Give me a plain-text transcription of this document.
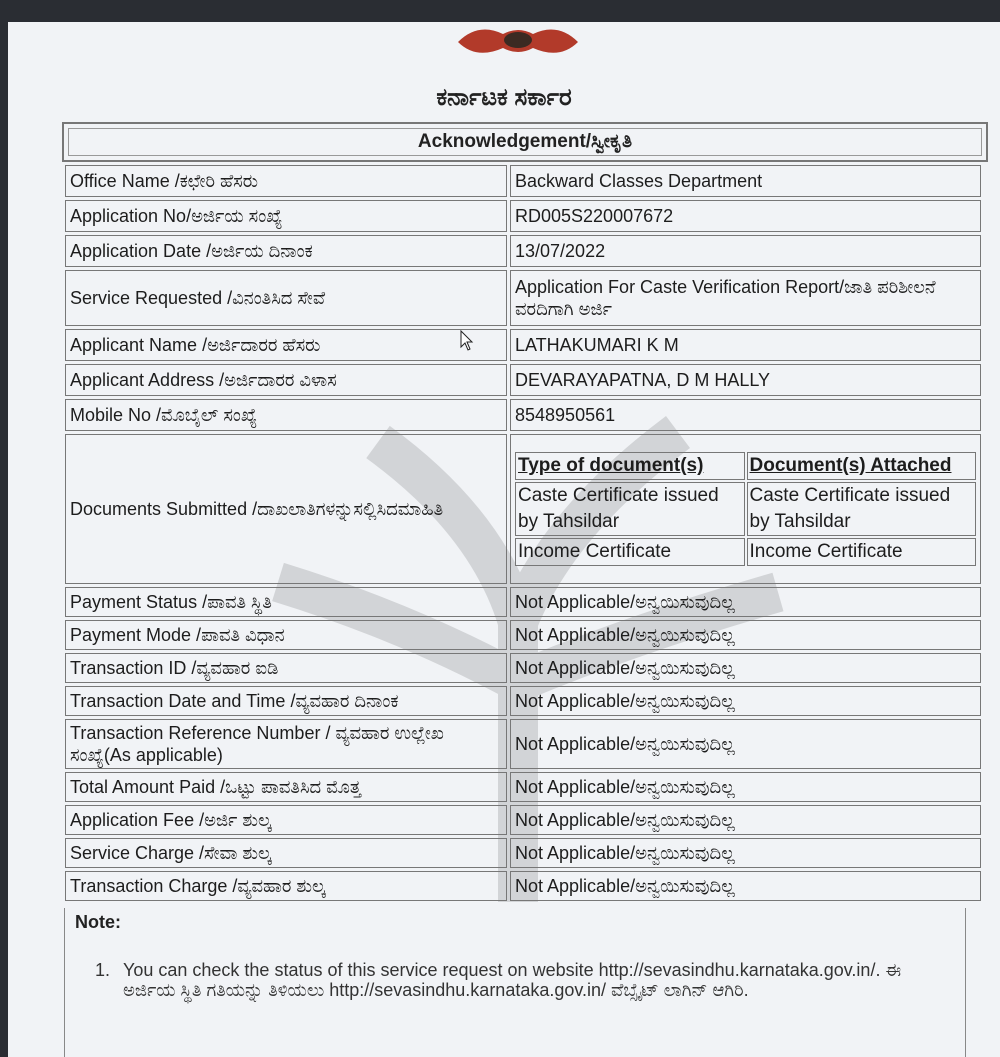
ಕರ್ನಾಟಕ ಸರ್ಕಾರ
Acknowledgement/ಸ್ವೀಕೃತಿ
Office Name /ಕಛೇರಿ ಹೆಸರು	Backward Classes Department
Application No/ಅರ್ಜಿಯ ಸಂಖ್ಯೆ	RD005S220007672
Application Date /ಅರ್ಜಿಯ ದಿನಾಂಕ	13/07/2022
Service Requested /ವಿನಂತಿಸಿದ ಸೇವೆ	Application For Caste Verification Report/ಜಾತಿ ಪರಿಶೀಲನೆ ವರದಿಗಾಗಿ ಅರ್ಜಿ
Applicant Name /ಅರ್ಜಿದಾರರ ಹೆಸರು	LATHAKUMARI K M
Applicant Address /ಅರ್ಜಿದಾರರ ವಿಳಾಸ	DEVARAYAPATNA, D M HALLY
Mobile No /ಮೊಬೈಲ್ ಸಂಖ್ಯೆ	8548950561
Documents Submitted /ದಾಖಲಾತಿಗಳನ್ನುಸಲ್ಲಿಸಿದಮಾಹಿತಿ	
Type of document(s)	Document(s) Attached
Caste Certificate issued by Tahsildar	Caste Certificate issued by Tahsildar
Income Certificate	Income Certificate

Payment Status /ಪಾವತಿ ಸ್ಥಿತಿ	Not Applicable/ಅನ್ವಯಿಸುವುದಿಲ್ಲ
Payment Mode /ಪಾವತಿ ವಿಧಾನ	Not Applicable/ಅನ್ವಯಿಸುವುದಿಲ್ಲ
Transaction ID /ವ್ಯವಹಾರ ಐಡಿ	Not Applicable/ಅನ್ವಯಿಸುವುದಿಲ್ಲ
Transaction Date and Time /ವ್ಯವಹಾರ ದಿನಾಂಕ	Not Applicable/ಅನ್ವಯಿಸುವುದಿಲ್ಲ
Transaction Reference Number / ವ್ಯವಹಾರ ಉಲ್ಲೇಖ ಸಂಖ್ಯೆ(As applicable)	Not Applicable/ಅನ್ವಯಿಸುವುದಿಲ್ಲ
Total Amount Paid /ಒಟ್ಟು ಪಾವತಿಸಿದ ಮೊತ್ತ	Not Applicable/ಅನ್ವಯಿಸುವುದಿಲ್ಲ
Application Fee /ಅರ್ಜಿ ಶುಲ್ಕ	Not Applicable/ಅನ್ವಯಿಸುವುದಿಲ್ಲ
Service Charge /ಸೇವಾ ಶುಲ್ಕ	Not Applicable/ಅನ್ವಯಿಸುವುದಿಲ್ಲ
Transaction Charge /ವ್ಯವಹಾರ ಶುಲ್ಕ	Not Applicable/ಅನ್ವಯಿಸುವುದಿಲ್ಲ
Note:
1. You can check the status of this service request on website http://sevasindhu.karnataka.gov.in/. ಈ ಅರ್ಜಿಯ ಸ್ಥಿತಿ ಗತಿಯನ್ನು ತಿಳಿಯಲು http://sevasindhu.karnataka.gov.in/ ವೆಬ್ಸೈಟ್ ಲಾಗಿನ್ ಆಗಿರಿ.
